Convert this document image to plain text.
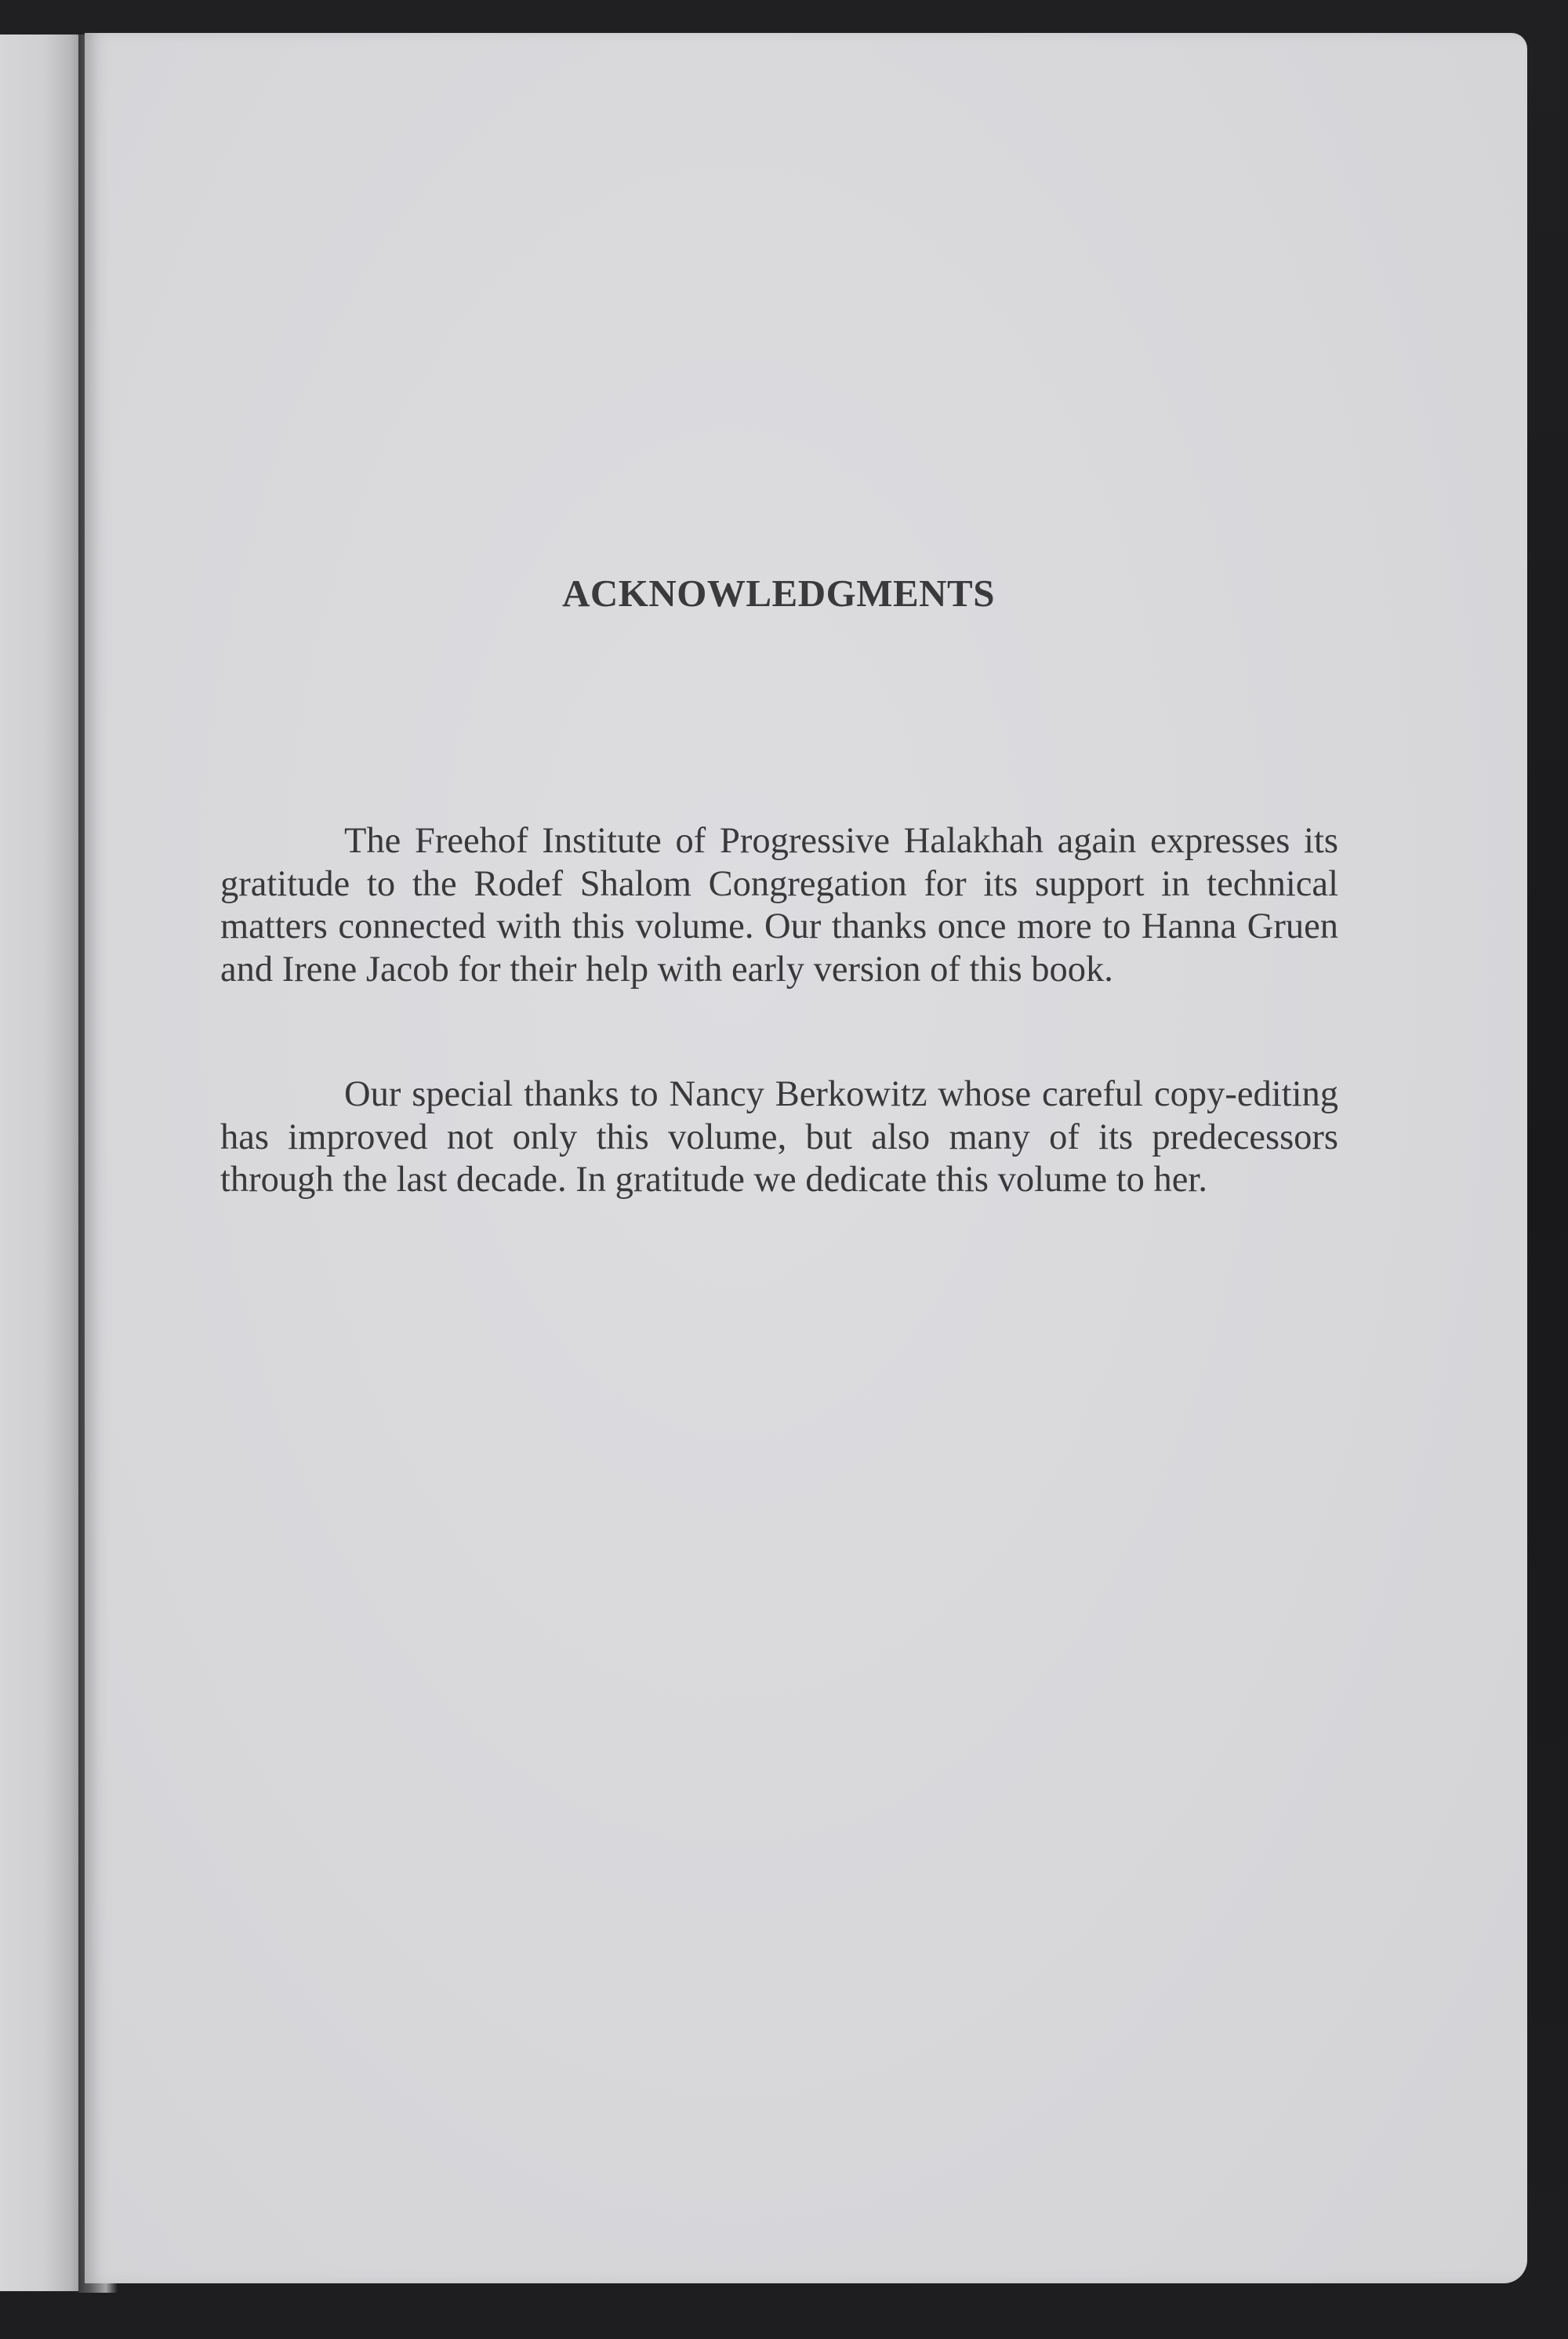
ACKNOWLEDGMENTS

The Freehof Institute of Progressive Halakhah again expresses its gratitude to the Rodef Shalom Congregation for its support in technical matters connected with this volume. Our thanks once more to Hanna Gruen and Irene Jacob for their help with early version of this book.

Our special thanks to Nancy Berkowitz whose careful copy-editing has improved not only this volume, but also many of its predecessors through the last decade. In gratitude we dedicate this volume to her.
